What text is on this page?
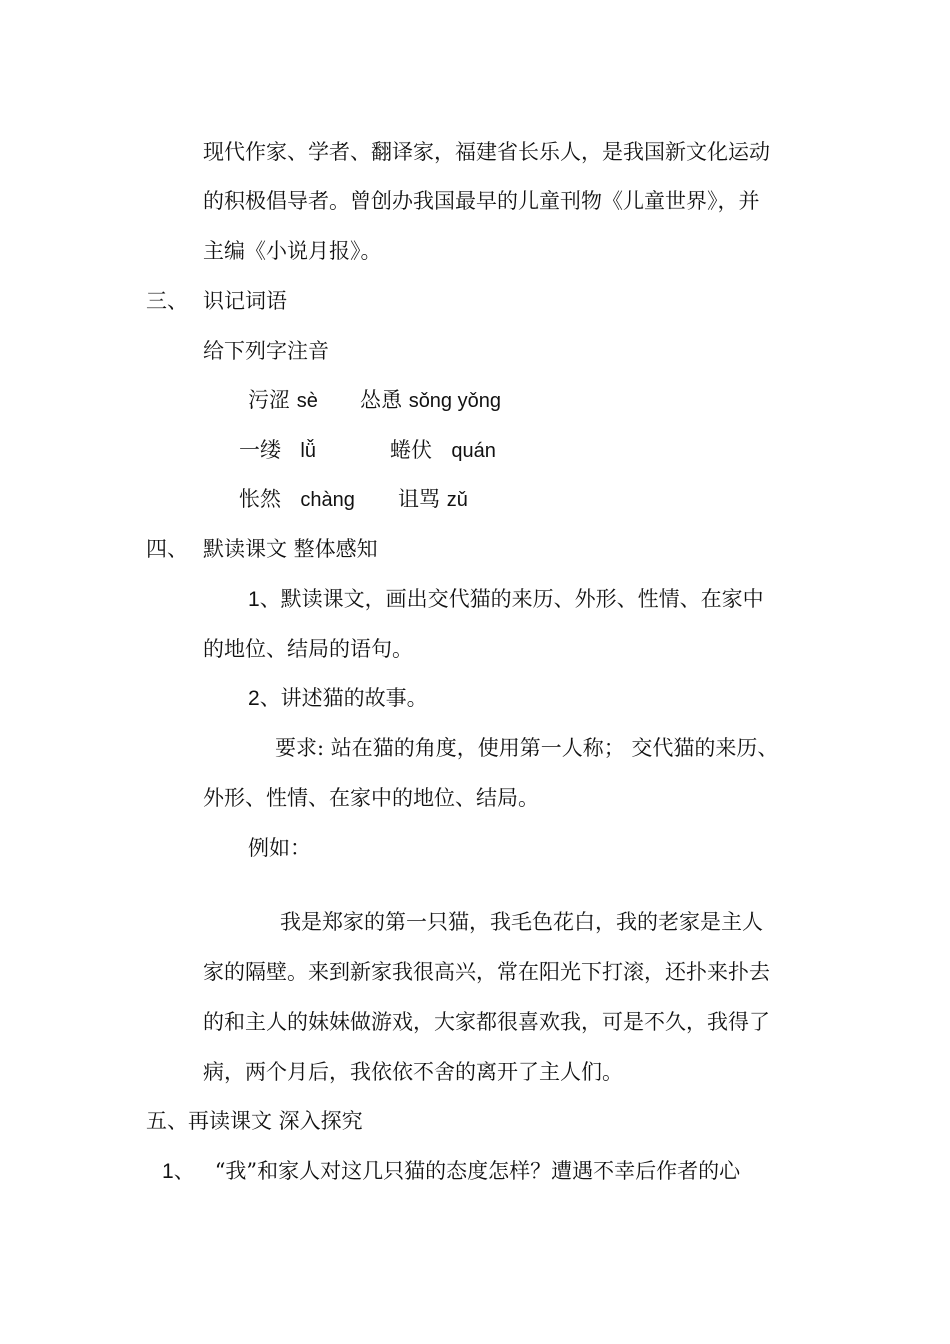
现代作家、学者、翻译家，福建省长乐人，是我国新文化运动
的积极倡导者。曾创办我国最早的儿童刊物《儿童世界》，并
主编《小说月报》。
三、 识记词语
给下列字注音
污涩 sè 怂恿 sǒng yǒng
一缕 lǚ	蜷伏 quán
怅然 chàng 诅骂 zǔ
四、 默读课文 整体感知
1、默读课文，画出交代猫的来历、外形、性情、在家中
的地位、结局的语句。
2、讲述猫的故事。
要求: 站在猫的角度，使用第一人称； 交代猫的来历、
外形、性情、在家中的地位、结局。
例如：
我是郑家的第一只猫，我毛色花白，我的老家是主人
家的隔壁。来到新家我很高兴，常在阳光下打滚，还扑来扑去
的和主人的妹妹做游戏，大家都很喜欢我，可是不久，我得了
病，两个月后，我依依不舍的离开了主人们。
五、再读课文 深入探究
1、 “我”和家人对这几只猫的态度怎样？遭遇不幸后作者的心
